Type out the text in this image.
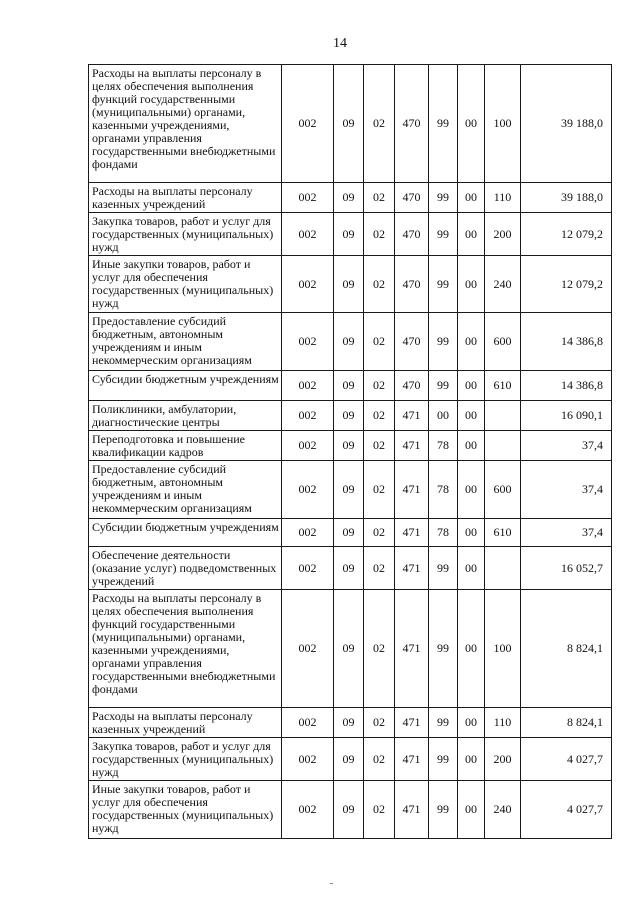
14
Расходы на выплаты персоналу в целях обеспечения выполнения функций государственными (муниципальными) органами, казенными учреждениями, органами управления государственными внебюджетными фондами	002	09	02	470	99	00	100	39 188,0
Расходы на выплаты персоналу казенных учреждений	002	09	02	470	99	00	110	39 188,0
Закупка товаров, работ и услуг для государственных (муниципальных) нужд	002	09	02	470	99	00	200	12 079,2
Иные закупки товаров, работ и услуг для обеспечения государственных (муниципальных) нужд	002	09	02	470	99	00	240	12 079,2
Предоставление субсидий бюджетным, автономным учреждениям и иным некоммерческим организациям	002	09	02	470	99	00	600	14 386,8
Субсидии бюджетным учреждениям	002	09	02	470	99	00	610	14 386,8
Поликлиники, амбулатории, диагностические центры	002	09	02	471	00	00		16 090,1
Переподготовка и повышение квалификации кадров	002	09	02	471	78	00		37,4
Предоставление субсидий бюджетным, автономным учреждениям и иным некоммерческим организациям	002	09	02	471	78	00	600	37,4
Субсидии бюджетным учреждениям	002	09	02	471	78	00	610	37,4
Обеспечение деятельности (оказание услуг) подведомственных учреждений	002	09	02	471	99	00		16 052,7
Расходы на выплаты персоналу в целях обеспечения выполнения функций государственными (муниципальными) органами, казенными учреждениями, органами управления государственными внебюджетными фондами	002	09	02	471	99	00	100	8 824,1
Расходы на выплаты персоналу казенных учреждений	002	09	02	471	99	00	110	8 824,1
Закупка товаров, работ и услуг для государственных (муниципальных) нужд	002	09	02	471	99	00	200	4 027,7
Иные закупки товаров, работ и услуг для обеспечения государственных (муниципальных) нужд	002	09	02	471	99	00	240	4 027,7
